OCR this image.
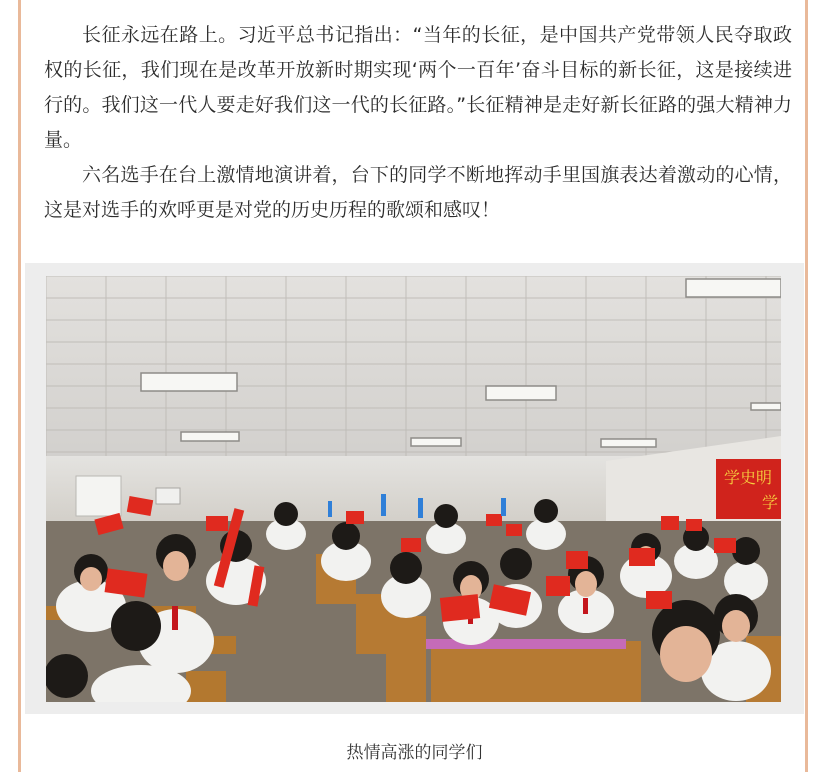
长征永远在路上。习近平总书记指出：“当年的长征，是中国共产党带领人民夺取政权的长征，我们现在是改革开放新时期实现‘两个一百年’奋斗目标的新长征，这是接续进行的。我们这一代人要走好我们这一代的长征路。”长征精神是走好新长征路的强大精神力量。

六名选手在台上激情地演讲着，台下的同学不断地挥动手里国旗表达着激动的心情，这是对选手的欢呼更是对党的历史历程的歌颂和感叹！

学史明
学
热情高涨的同学们
